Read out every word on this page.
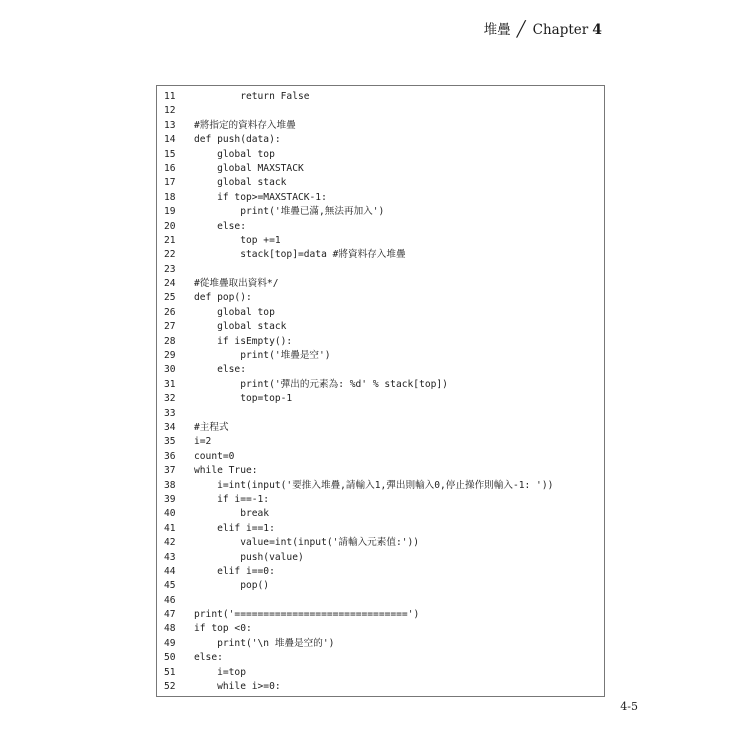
堆疊 ╱ Chapter 4
11	return False
12
13	#將指定的資料存入堆疊
14	def push(data):
15	global top
16	global MAXSTACK
17	global stack
18	if top>=MAXSTACK-1:
19	print('堆疊已滿,無法再加入')
20	else:
21	top +=1
22	stack[top]=data #將資料存入堆疊
23
24	#從堆疊取出資料*/
25	def pop():
26	global top
27	global stack
28	if isEmpty():
29	print('堆疊是空')
30	else:
31	print('彈出的元素為: %d' % stack[top])
32	top=top-1
33
34	#主程式
35	i=2
36	count=0
37	while True:
38	i=int(input('要推入堆疊,請輸入1,彈出則輸入0,停止操作則輸入-1: '))
39	if i==-1:
40	break
41	elif i==1:
42	value=int(input('請輸入元素值:'))
43	push(value)
44	elif i==0:
45	pop()
46
47	print('==============================')
48	if top <0:
49	print('\n 堆疊是空的')
50	else:
51	i=top
52	while i>=0:
4-5
